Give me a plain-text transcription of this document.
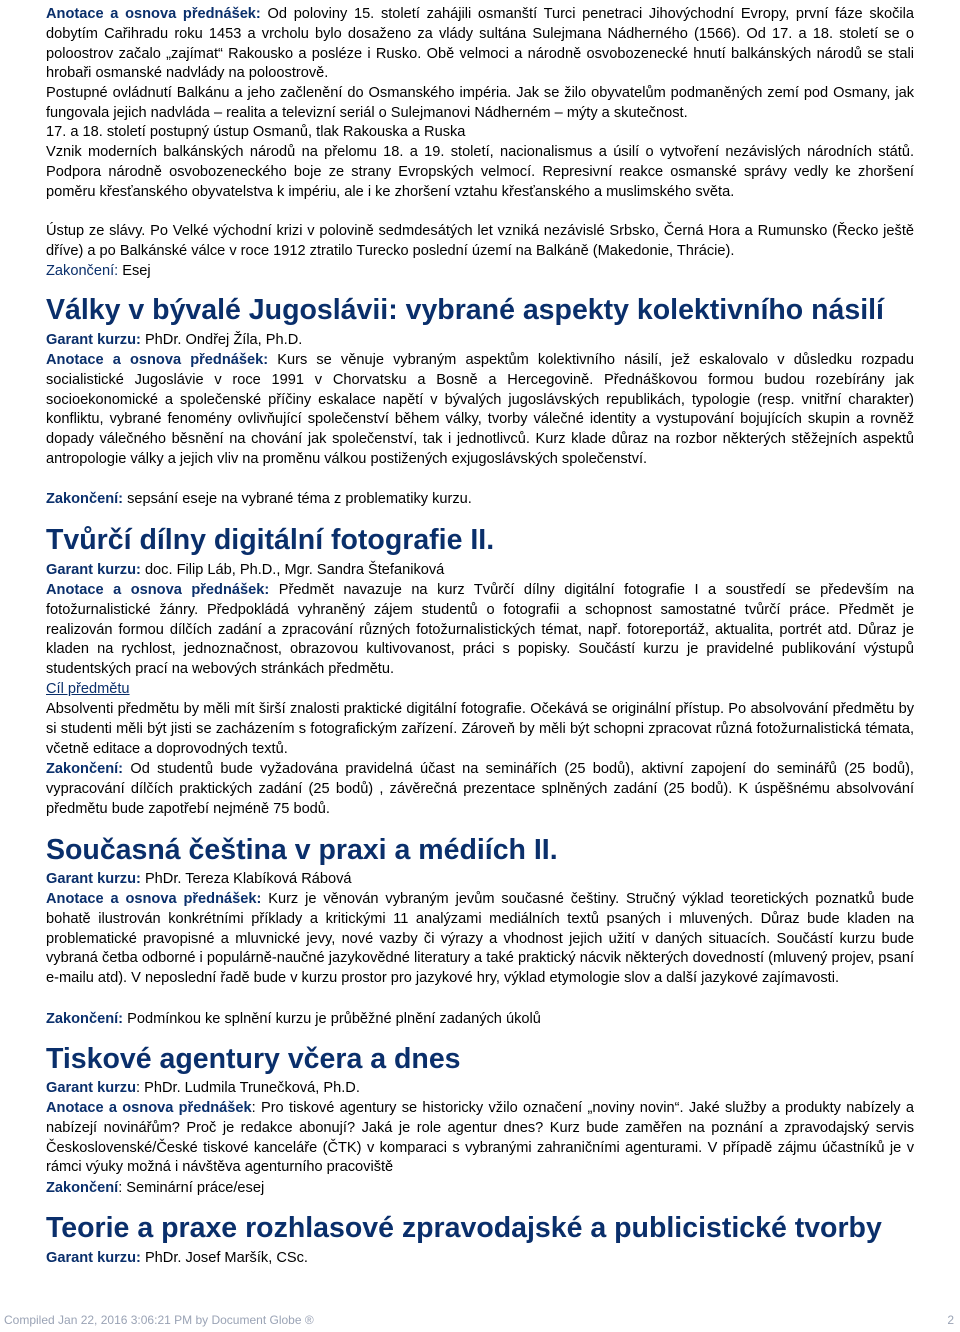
Anotace a osnova přednášek: Od poloviny 15. století zahájili osmanští Turci penetraci Jihovýchodní Evropy, první fáze skočila dobytím Cařihradu roku 1453 a vrcholu bylo dosaženo za vlády sultána Sulejmana Nádherného (1566). Od 17. a 18. století se o poloostrov začalo „zajímat“ Rakousko a posléze i Rusko. Obě velmoci a národně osvobozenecké hnutí balkánských národů se stali hrobaři osmanské nadvlády na poloostrově.

Postupné ovládnutí Balkánu a jeho začlenění do Osmanského impéria. Jak se žilo obyvatelům podmaněných zemí pod Osmany, jak fungovala jejich nadvláda – realita a televizní seriál o Sulejmanovi Nádherném – mýty a skutečnost.

17. a 18. století postupný ústup Osmanů, tlak Rakouska a Ruska

Vznik moderních balkánských národů na přelomu 18. a 19. století, nacionalismus a úsilí o vytvoření nezávislých národních států. Podpora národně osvobozeneckého boje ze strany Evropských velmocí. Represivní reakce osmanské správy vedly ke zhoršení poměru křesťanského obyvatelstva k impériu, ale i ke zhoršení vztahu křesťanského a muslimského světa.

Ústup ze slávy. Po Velké východní krizi v polovině sedmdesátých let vzniká nezávislé Srbsko, Černá Hora a Rumunsko (Řecko ještě dříve) a po Balkánské válce v roce 1912 ztratilo Turecko poslední území na Balkáně (Makedonie, Thrácie).

Zakončení: Esej

Války v bývalé Jugoslávii: vybrané aspekty kolektivního násilí

Garant kurzu: PhDr. Ondřej Žíla, Ph.D.

Anotace a osnova přednášek: Kurs se věnuje vybraným aspektům kolektivního násilí, jež eskalovalo v důsledku rozpadu socialistické Jugoslávie v roce 1991 v Chorvatsku a Bosně a Hercegovině. Přednáškovou formou budou rozebírány jak socioekonomické a společenské příčiny eskalace napětí v bývalých jugoslávských republikách, typologie (resp. vnitřní charakter) konfliktu, vybrané fenomény ovlivňující společenství během války, tvorby válečné identity a vystupování bojujících skupin a rovněž dopady válečného běsnění na chování jak společenství, tak i jednotlivců. Kurz klade důraz na rozbor některých stěžejních aspektů antropologie války a jejich vliv na proměnu válkou postižených exjugoslávských společenství.

Zakončení: sepsání eseje na vybrané téma z problematiky kurzu.

Tvůrčí dílny digitální fotografie II.

Garant kurzu: doc. Filip Láb, Ph.D., Mgr. Sandra Štefaniková

Anotace a osnova přednášek: Předmět navazuje na kurz Tvůrčí dílny digitální fotografie I a soustředí se především na fotožurnalistické žánry. Předpokládá vyhraněný zájem studentů o fotografii a schopnost samostatné tvůrčí práce. Předmět je realizován formou dílčích zadání a zpracování různých fotožurnalistických témat, např. fotoreportáž, aktualita, portrét atd. Důraz je kladen na rychlost, jednoznačnost, obrazovou kultivovanost, práci s popisky. Součástí kurzu je pravidelné publikování výstupů studentských prací na webových stránkách předmětu.

Cíl předmětu

Absolventi předmětu by měli mít širší znalosti praktické digitální fotografie. Očekává se originální přístup. Po absolvování předmětu by si studenti měli být jisti se zacházením s fotografickým zařízení. Zároveň by měli být schopni zpracovat různá fotožurnalistická témata, včetně editace a doprovodných textů.

Zakončení: Od studentů bude vyžadována pravidelná účast na seminářích (25 bodů), aktivní zapojení do seminářů (25 bodů), vypracování dílčích praktických zadání (25 bodů) , závěrečná prezentace splněných zadání (25 bodů). K úspěšnému absolvování předmětu bude zapotřebí nejméně 75 bodů.

Současná čeština v praxi a médiích II.

Garant kurzu: PhDr. Tereza Klabíková Rábová

Anotace a osnova přednášek: Kurz je věnován vybraným jevům současné češtiny. Stručný výklad teoretických poznatků bude bohatě ilustrován konkrétními příklady a kritickými 11 analýzami mediálních textů psaných i mluvených. Důraz bude kladen na problematické pravopisné a mluvnické jevy, nové vazby či výrazy a vhodnost jejich užití v daných situacích. Součástí kurzu bude vybraná četba odborné i populárně-naučné jazykovědné literatury a také praktický nácvik některých dovedností (mluvený projev, psaní e-mailu atd). V neposlední řadě bude v kurzu prostor pro jazykové hry, výklad etymologie slov a další jazykové zajímavosti.

Zakončení: Podmínkou ke splnění kurzu je průběžné plnění zadaných úkolů

Tiskové agentury včera a dnes

Garant kurzu: PhDr. Ludmila Trunečková, Ph.D.

Anotace a osnova přednášek: Pro tiskové agentury se historicky vžilo označení „noviny novin“. Jaké služby a produkty nabízely a nabízejí novinářům? Proč je redakce abonují? Jaká je role agentur dnes? Kurz bude zaměřen na poznání a zpravodajský servis Československé/České tiskové kanceláře (ČTK) v komparaci s vybranými zahraničními agenturami. V případě zájmu účastníků je v rámci výuky možná i návštěva agenturního pracoviště

Zakončení: Seminární práce/esej

Teorie a praxe rozhlasové zpravodajské a publicistické tvorby

Garant kurzu: PhDr. Josef Maršík, CSc.

Compiled Jan 22, 2016 3:06:21 PM by Document Globe ®	2
